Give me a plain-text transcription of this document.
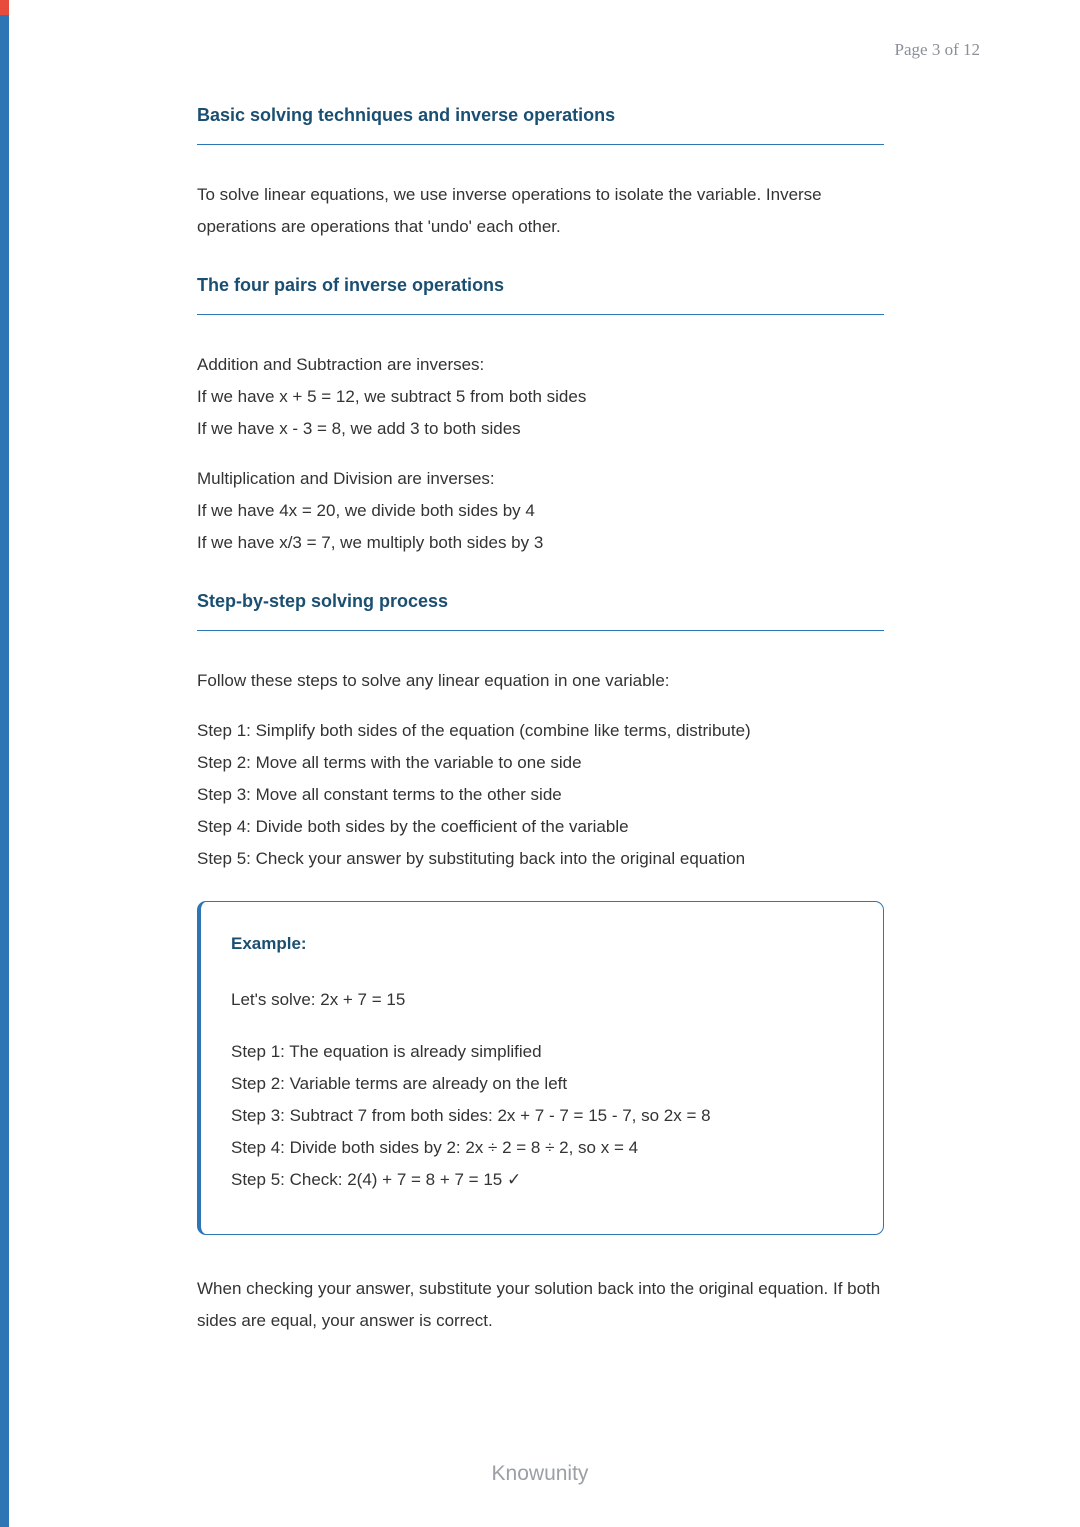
Page 3 of 12
Basic solving techniques and inverse operations

To solve linear equations, we use inverse operations to isolate the variable. Inverse operations are operations that 'undo' each other.

The four pairs of inverse operations
Addition and Subtraction are inverses:
If we have x + 5 = 12, we subtract 5 from both sides
If we have x - 3 = 8, we add 3 to both sides
Multiplication and Division are inverses:
If we have 4x = 20, we divide both sides by 4
If we have x/3 = 7, we multiply both sides by 3
Step-by-step solving process

Follow these steps to solve any linear equation in one variable:

Step 1: Simplify both sides of the equation (combine like terms, distribute)
Step 2: Move all terms with the variable to one side
Step 3: Move all constant terms to the other side
Step 4: Divide both sides by the coefficient of the variable
Step 5: Check your answer by substituting back into the original equation
Example:
Let's solve: 2x + 7 = 15
Step 1: The equation is already simplified
Step 2: Variable terms are already on the left
Step 3: Subtract 7 from both sides: 2x + 7 - 7 = 15 - 7, so 2x = 8
Step 4: Divide both sides by 2: 2x ÷ 2 = 8 ÷ 2, so x = 4
Step 5: Check: 2(4) + 7 = 8 + 7 = 15 ✓

When checking your answer, substitute your solution back into the original equation. If both sides are equal, your answer is correct.

Knowunity
